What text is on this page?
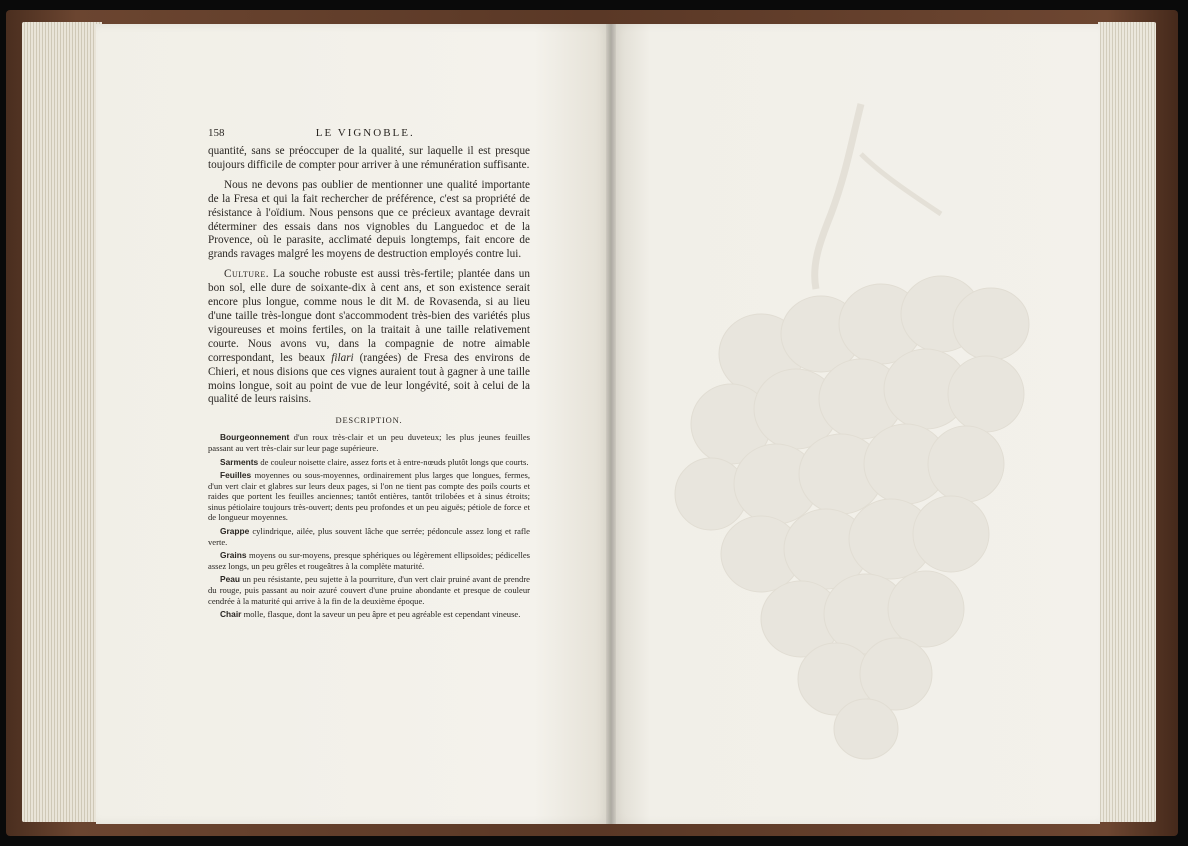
158	LE VIGNOBLE.

quantité, sans se préoccuper de la qualité, sur laquelle il est presque toujours difficile de compter pour arriver à une rémunération suffisante.

Nous ne devons pas oublier de mentionner une qualité importante de la Fresa et qui la fait rechercher de préférence, c'est sa propriété de résistance à l'oïdium. Nous pensons que ce précieux avantage devrait déterminer des essais dans nos vignobles du Languedoc et de la Provence, où le parasite, acclimaté depuis longtemps, fait encore de grands ravages malgré les moyens de destruction employés contre lui.

Culture. La souche robuste est aussi très-fertile; plantée dans un bon sol, elle dure de soixante-dix à cent ans, et son existence serait encore plus longue, comme nous le dit M. de Rovasenda, si au lieu d'une taille très-longue dont s'accommodent très-bien des variétés plus vigoureuses et moins fertiles, on la traitait à une taille relativement courte. Nous avons vu, dans la compagnie de notre aimable correspondant, les beaux filari (rangées) de Fresa des environs de Chieri, et nous disions que ces vignes auraient tout à gagner à une taille moins longue, soit au point de vue de leur longévité, soit à celui de la qualité de leurs raisins.

DESCRIPTION.

Bourgeonnement d'un roux très-clair et un peu duveteux; les plus jeunes feuilles passant au vert très-clair sur leur page supérieure.

Sarments de couleur noisette claire, assez forts et à entre-nœuds plutôt longs que courts.

Feuilles moyennes ou sous-moyennes, ordinairement plus larges que longues, fermes, d'un vert clair et glabres sur leurs deux pages, si l'on ne tient pas compte des poils courts et raides que portent les feuilles anciennes; tantôt entières, tantôt trilobées et à sinus étroits; sinus pétiolaire toujours très-ouvert; dents peu profondes et un peu aiguës; pétiole de force et de longueur moyennes.

Grappe cylindrique, ailée, plus souvent lâche que serrée; pédoncule assez long et rafle verte.

Grains moyens ou sur-moyens, presque sphériques ou légèrement ellipsoïdes; pédicelles assez longs, un peu grêles et rougeâtres à la complète maturité.

Peau un peu résistante, peu sujette à la pourriture, d'un vert clair pruiné avant de prendre du rouge, puis passant au noir azuré couvert d'une pruine abondante et presque de couleur cendrée à la maturité qui arrive à la fin de la deuxième époque.

Chair molle, flasque, dont la saveur un peu âpre et peu agréable est cependant vineuse.
